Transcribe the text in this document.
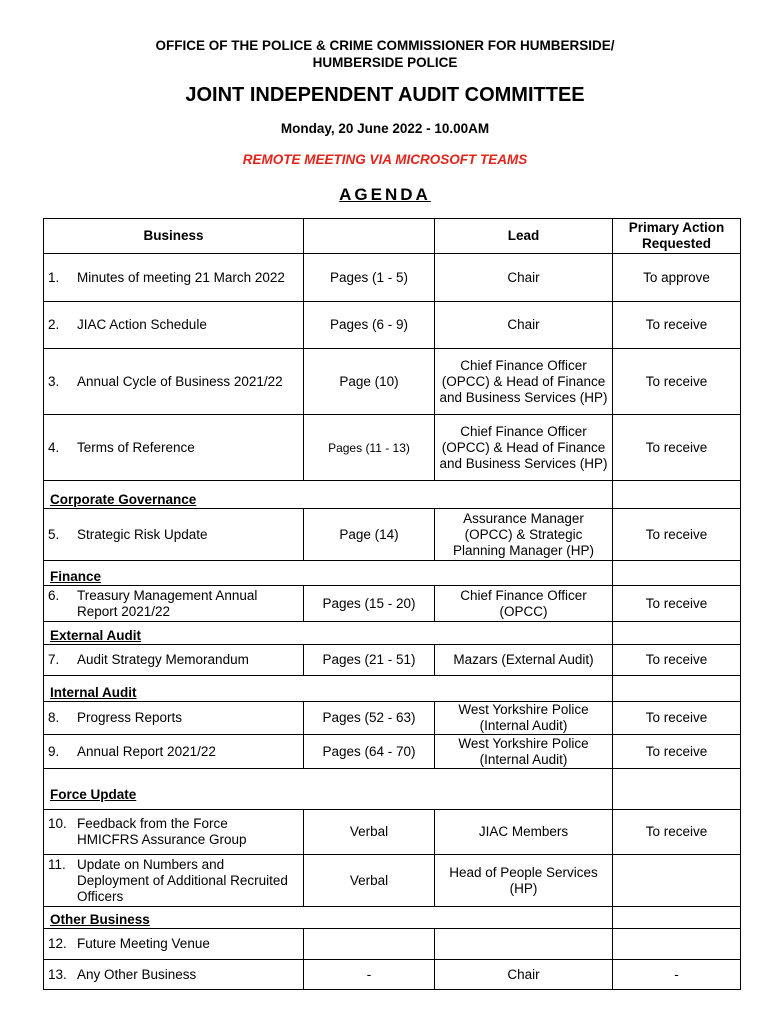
OFFICE OF THE POLICE & CRIME COMMISSIONER FOR HUMBERSIDE/
HUMBERSIDE POLICE
JOINT INDEPENDENT AUDIT COMMITTEE
Monday, 20 June 2022 - 10.00AM
REMOTE MEETING VIA MICROSOFT TEAMS
AGENDA
Business		Lead	Primary Action
Requested

1. Minutes of meeting 21 March 2022	Pages (1 - 5)	Chair	To approve
2. JIAC Action Schedule	Pages (6 - 9)	Chair	To receive
3. Annual Cycle of Business 2021/22	Page (10)	Chief Finance Officer (OPCC) & Head of Finance and Business Services (HP)	To receive
4. Terms of Reference	Pages (11 - 13)	Chief Finance Officer (OPCC) & Head of Finance and Business Services (HP)	To receive
Corporate Governance			
5. Strategic Risk Update	Page (14)	Assurance Manager (OPCC) & Strategic Planning Manager (HP)	To receive
Finance			
6. Treasury Management Annual Report 2021/22	Pages (15 - 20)	Chief Finance Officer (OPCC)	To receive
External Audit			
7. Audit Strategy Memorandum	Pages (21 - 51)	Mazars (External Audit)	To receive
Internal Audit			
8. Progress Reports	Pages (52 - 63)	West Yorkshire Police (Internal Audit)	To receive
9. Annual Report 2021/22	Pages (64 - 70)	West Yorkshire Police (Internal Audit)	To receive
Force Update			
10. Feedback from the Force HMICFRS Assurance Group	Verbal	JIAC Members	To receive
11. Update on Numbers and Deployment of Additional Recruited Officers	Verbal	Head of People Services (HP)	
Other Business			
12. Future Meeting Venue			
13. Any Other Business	-	Chair	-
